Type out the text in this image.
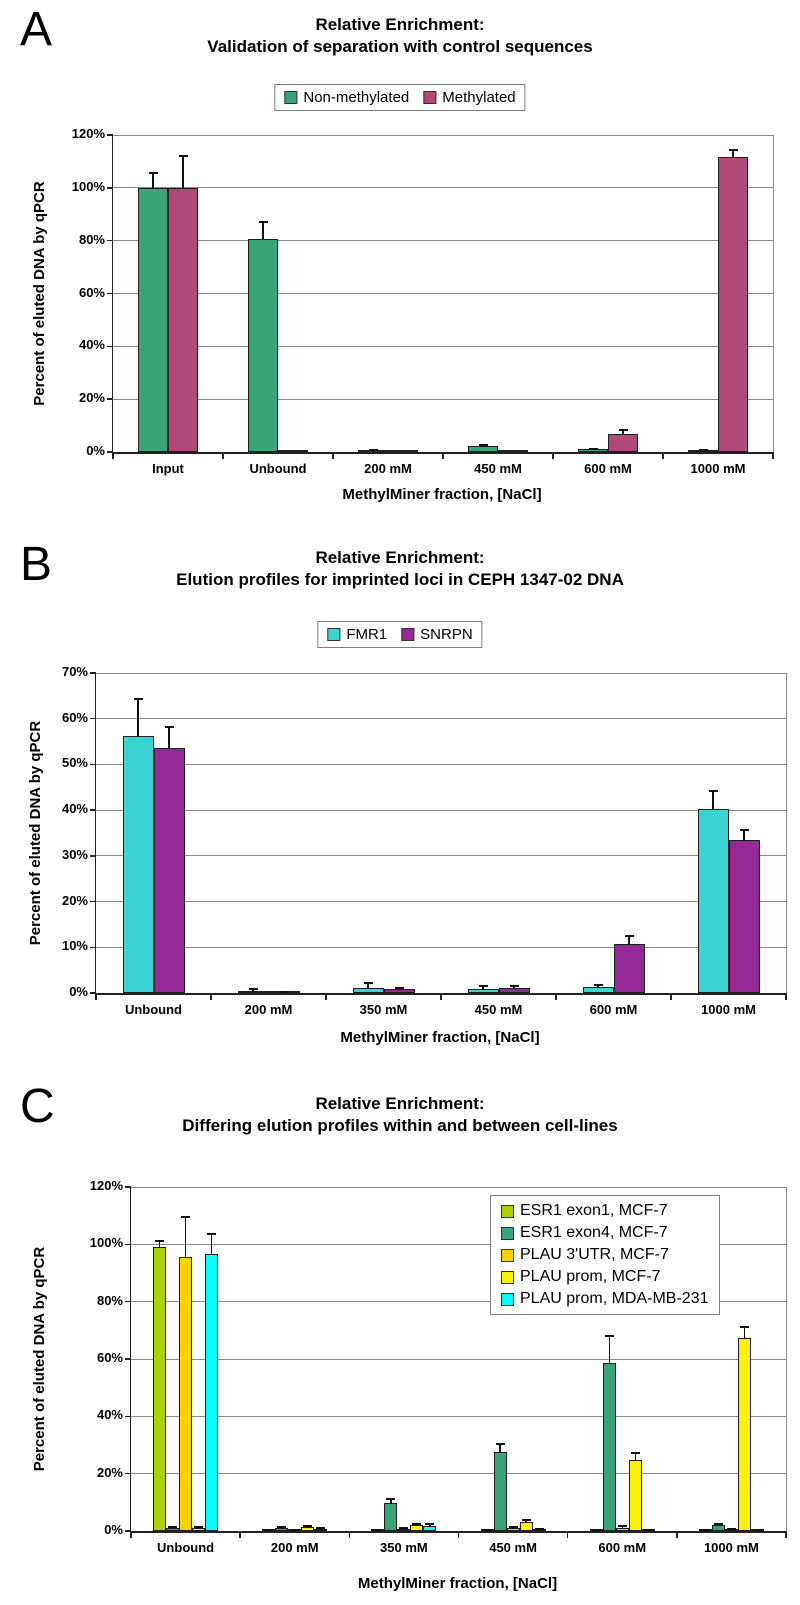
A	Relative Enrichment:
Validation of separation with control sequences
Non-methylated Methylated
Percent of eluted DNA by qPCR
0%
20%
40%
60%
80%
100%
120%
Input	Unbound	200 mM	450 mM	600 mM	1000 mM
MethylMiner fraction, [NaCl]
B	Relative Enrichment:
Elution profiles for imprinted loci in CEPH 1347-02 DNA
FMR1 SNRPN
Percent of eluted DNA by qPCR
0%
10%
20%
30%
40%
50%
60%
70%
Unbound	200 mM	350 mM	450 mM	600 mM	1000 mM
MethylMiner fraction, [NaCl]
C	Relative Enrichment:
Differing elution profiles within and between cell-lines
Percent of eluted DNA by qPCR
0%
20%
40%
60%
80%
100%
120%
Unbound	200 mM	350 mM	450 mM	600 mM	1000 mM
ESR1 exon1, MCF-7
ESR1 exon4, MCF-7
PLAU 3'UTR, MCF-7
PLAU prom, MCF-7
PLAU prom, MDA-MB-231
MethylMiner fraction, [NaCl]
